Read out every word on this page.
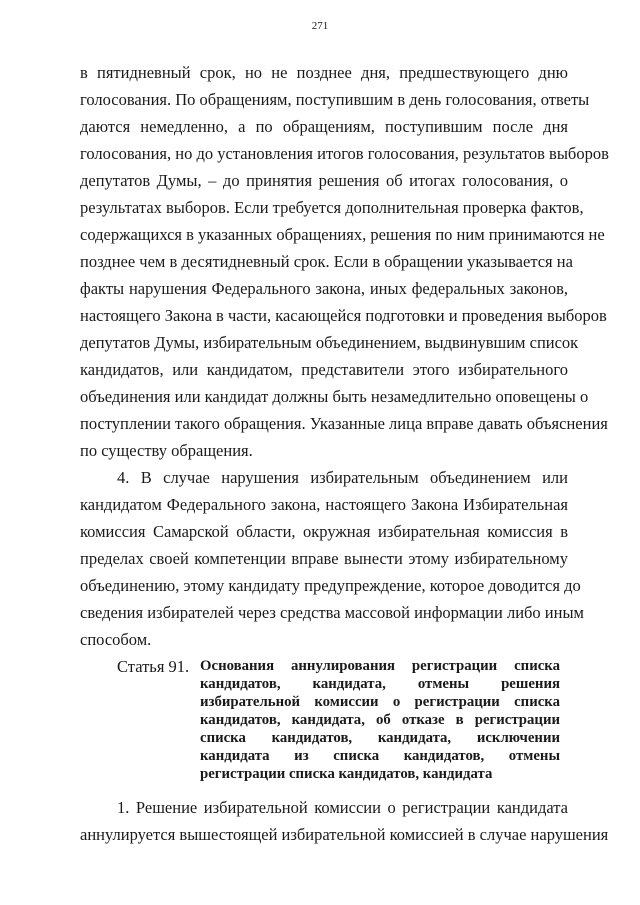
271
в пятидневный срок, но не позднее дня, предшествующего дню
голосования. По обращениям, поступившим в день голосования, ответы
даются немедленно, а по обращениям, поступившим после дня
голосования, но до установления итогов голосования, результатов выборов
депутатов Думы, – до принятия решения об итогах голосования, о
результатах выборов. Если требуется дополнительная проверка фактов,
содержащихся в указанных обращениях, решения по ним принимаются не
позднее чем в десятидневный срок. Если в обращении указывается на
факты нарушения Федерального закона, иных федеральных законов,
настоящего Закона в части, касающейся подготовки и проведения выборов
депутатов Думы, избирательным объединением, выдвинувшим список
кандидатов, или кандидатом, представители этого избирательного
объединения или кандидат должны быть незамедлительно оповещены о
поступлении такого обращения. Указанные лица вправе давать объяснения
по существу обращения.
4. В случае нарушения избирательным объединением или
кандидатом Федерального закона, настоящего Закона Избирательная
комиссия Самарской области, окружная избирательная комиссия в
пределах своей компетенции вправе вынести этому избирательному
объединению, этому кандидату предупреждение, которое доводится до
сведения избирателей через средства массовой информации либо иным
способом.
Статья 91. Основания аннулирования регистрации списка
кандидатов, кандидата, отмены решения
избирательной комиссии о регистрации списка
кандидатов, кандидата, об отказе в регистрации
списка кандидатов, кандидата, исключении
кандидата из списка кандидатов, отмены
регистрации списка кандидатов, кандидата
1. Решение избирательной комиссии о регистрации кандидата
аннулируется вышестоящей избирательной комиссией в случае нарушения
